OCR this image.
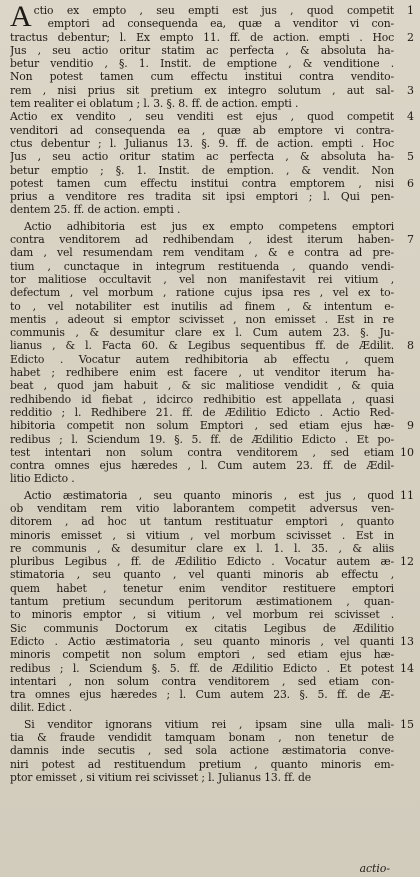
A	1
ctio ex empto , seu empti est jus , quod competit
emptori ad consequenda ea, quæ a venditor vi con-
2
tractus debentur; l. Ex empto 11. ff. de action. empti . Hoc
Jus , seu actio oritur statim ac perfecta , & absoluta ha-
betur venditio , §. 1. Instit. de emptione , & venditione .
Non potest tamen cum effectu institui contra vendito-
3
rem , nisi prius sit pretium ex integro solutum , aut sal-
tem realiter ei oblatum ; l. 3. §. 8. ff. de action. empti .
4
Actio ex vendito , seu venditi est ejus , quod competit
venditori ad consequenda ea , quæ ab emptore vi contra-
ctus debentur ; l. Julianus 13. §. 9. ff. de action. empti . Hoc
5
Jus , seu actio oritur statim ac perfecta , & absoluta ha-
betur emptio ; §. 1. Instit. de emption. , & vendit. Non
6
potest tamen cum effectu institui contra emptorem , nisi
prius a venditore res tradita sit ipsi emptori ; l. Qui pen-
dentem 25. ff. de action. empti .
Actio adhibitoria est jus ex empto competens emptori
7
contra venditorem ad redhibendam , idest iterum haben-
dam , vel resumendam rem venditam , & e contra ad pre-
tium , cunctaque in integrum restituenda , quando vendi-
tor malitiose occultavit , vel non manifestavit rei vitium ,
defectum , vel morbum , ratione cujus ipsa res , vel ex to-
to , vel notabiliter est inutilis ad finem , & intentum e-
mentis , adeout si emptor scivisset , non emisset . Est in re
communis , & desumitur clare ex l. Cum autem 23. §. Ju-
8
lianus , & l. Facta 60. & Legibus sequentibus ff. de Ædilit.
Edicto . Vocatur autem redhibitoria ab effectu , quem
habet ; redhibere enim est facere , ut venditor iterum ha-
beat , quod jam habuit , & sic malitiose vendidit , & quia
redhibendo id fiebat , idcirco redhibitio est appellata , quasi
redditio ; l. Redhibere 21. ff. de Ædilitio Edicto . Actio Red-
9
hibitoria competit non solum Emptori , sed etiam ejus hæ-
redibus ; l. Sciendum 19. §. 5. ff. de Ædilitio Edicto . Et po-
10
test intentari non solum contra venditorem , sed etiam
contra omnes ejus hæredes , l. Cum autem 23. ff. de Ædil-
litio Edicto .
11
Actio æstimatoria , seu quanto minoris , est jus , quod
ob venditam rem vitio laborantem competit adversus ven-
ditorem , ad hoc ut tantum restituatur emptori , quanto
minoris emisset , si vitium , vel morbum scivisset . Est in
re communis , & desumitur clare ex l. 1. l. 35. , & aliis
12
pluribus Legibus , ff. de Ædilitio Edicto . Vocatur autem æ-
stimatoria , seu quanto , vel quanti minoris ab effectu ,
quem habet , tenetur enim venditor restituere emptori
tantum pretium secundum peritorum æstimationem , quan-
to minoris emptor , si vitium , vel morbum rei scivisset .
Sic communis Doctorum ex citatis Legibus de Ædilitio
13
Edicto . Actio æstimatoria , seu quanto minoris , vel quanti
minoris competit non solum emptori , sed etiam ejus hæ-
14
redibus ; l. Sciendum §. 5. ff. de Ædilitio Edicto . Et potest
intentari , non solum contra venditorem , sed etiam con-
tra omnes ejus hæredes ; l. Cum autem 23. §. 5. ff. de Æ-
dilit. Edict .
15
Si venditor ignorans vitium rei , ipsam sine ulla mali-
tia & fraude vendidit tamquam bonam , non tenetur de
damnis inde secutis , sed sola actione æstimatoria conve-
niri potest ad restituendum pretium , quanto minoris em-
ptor emisset , si vitium rei scivisset ; l. Julianus 13. ff. de
actio-
